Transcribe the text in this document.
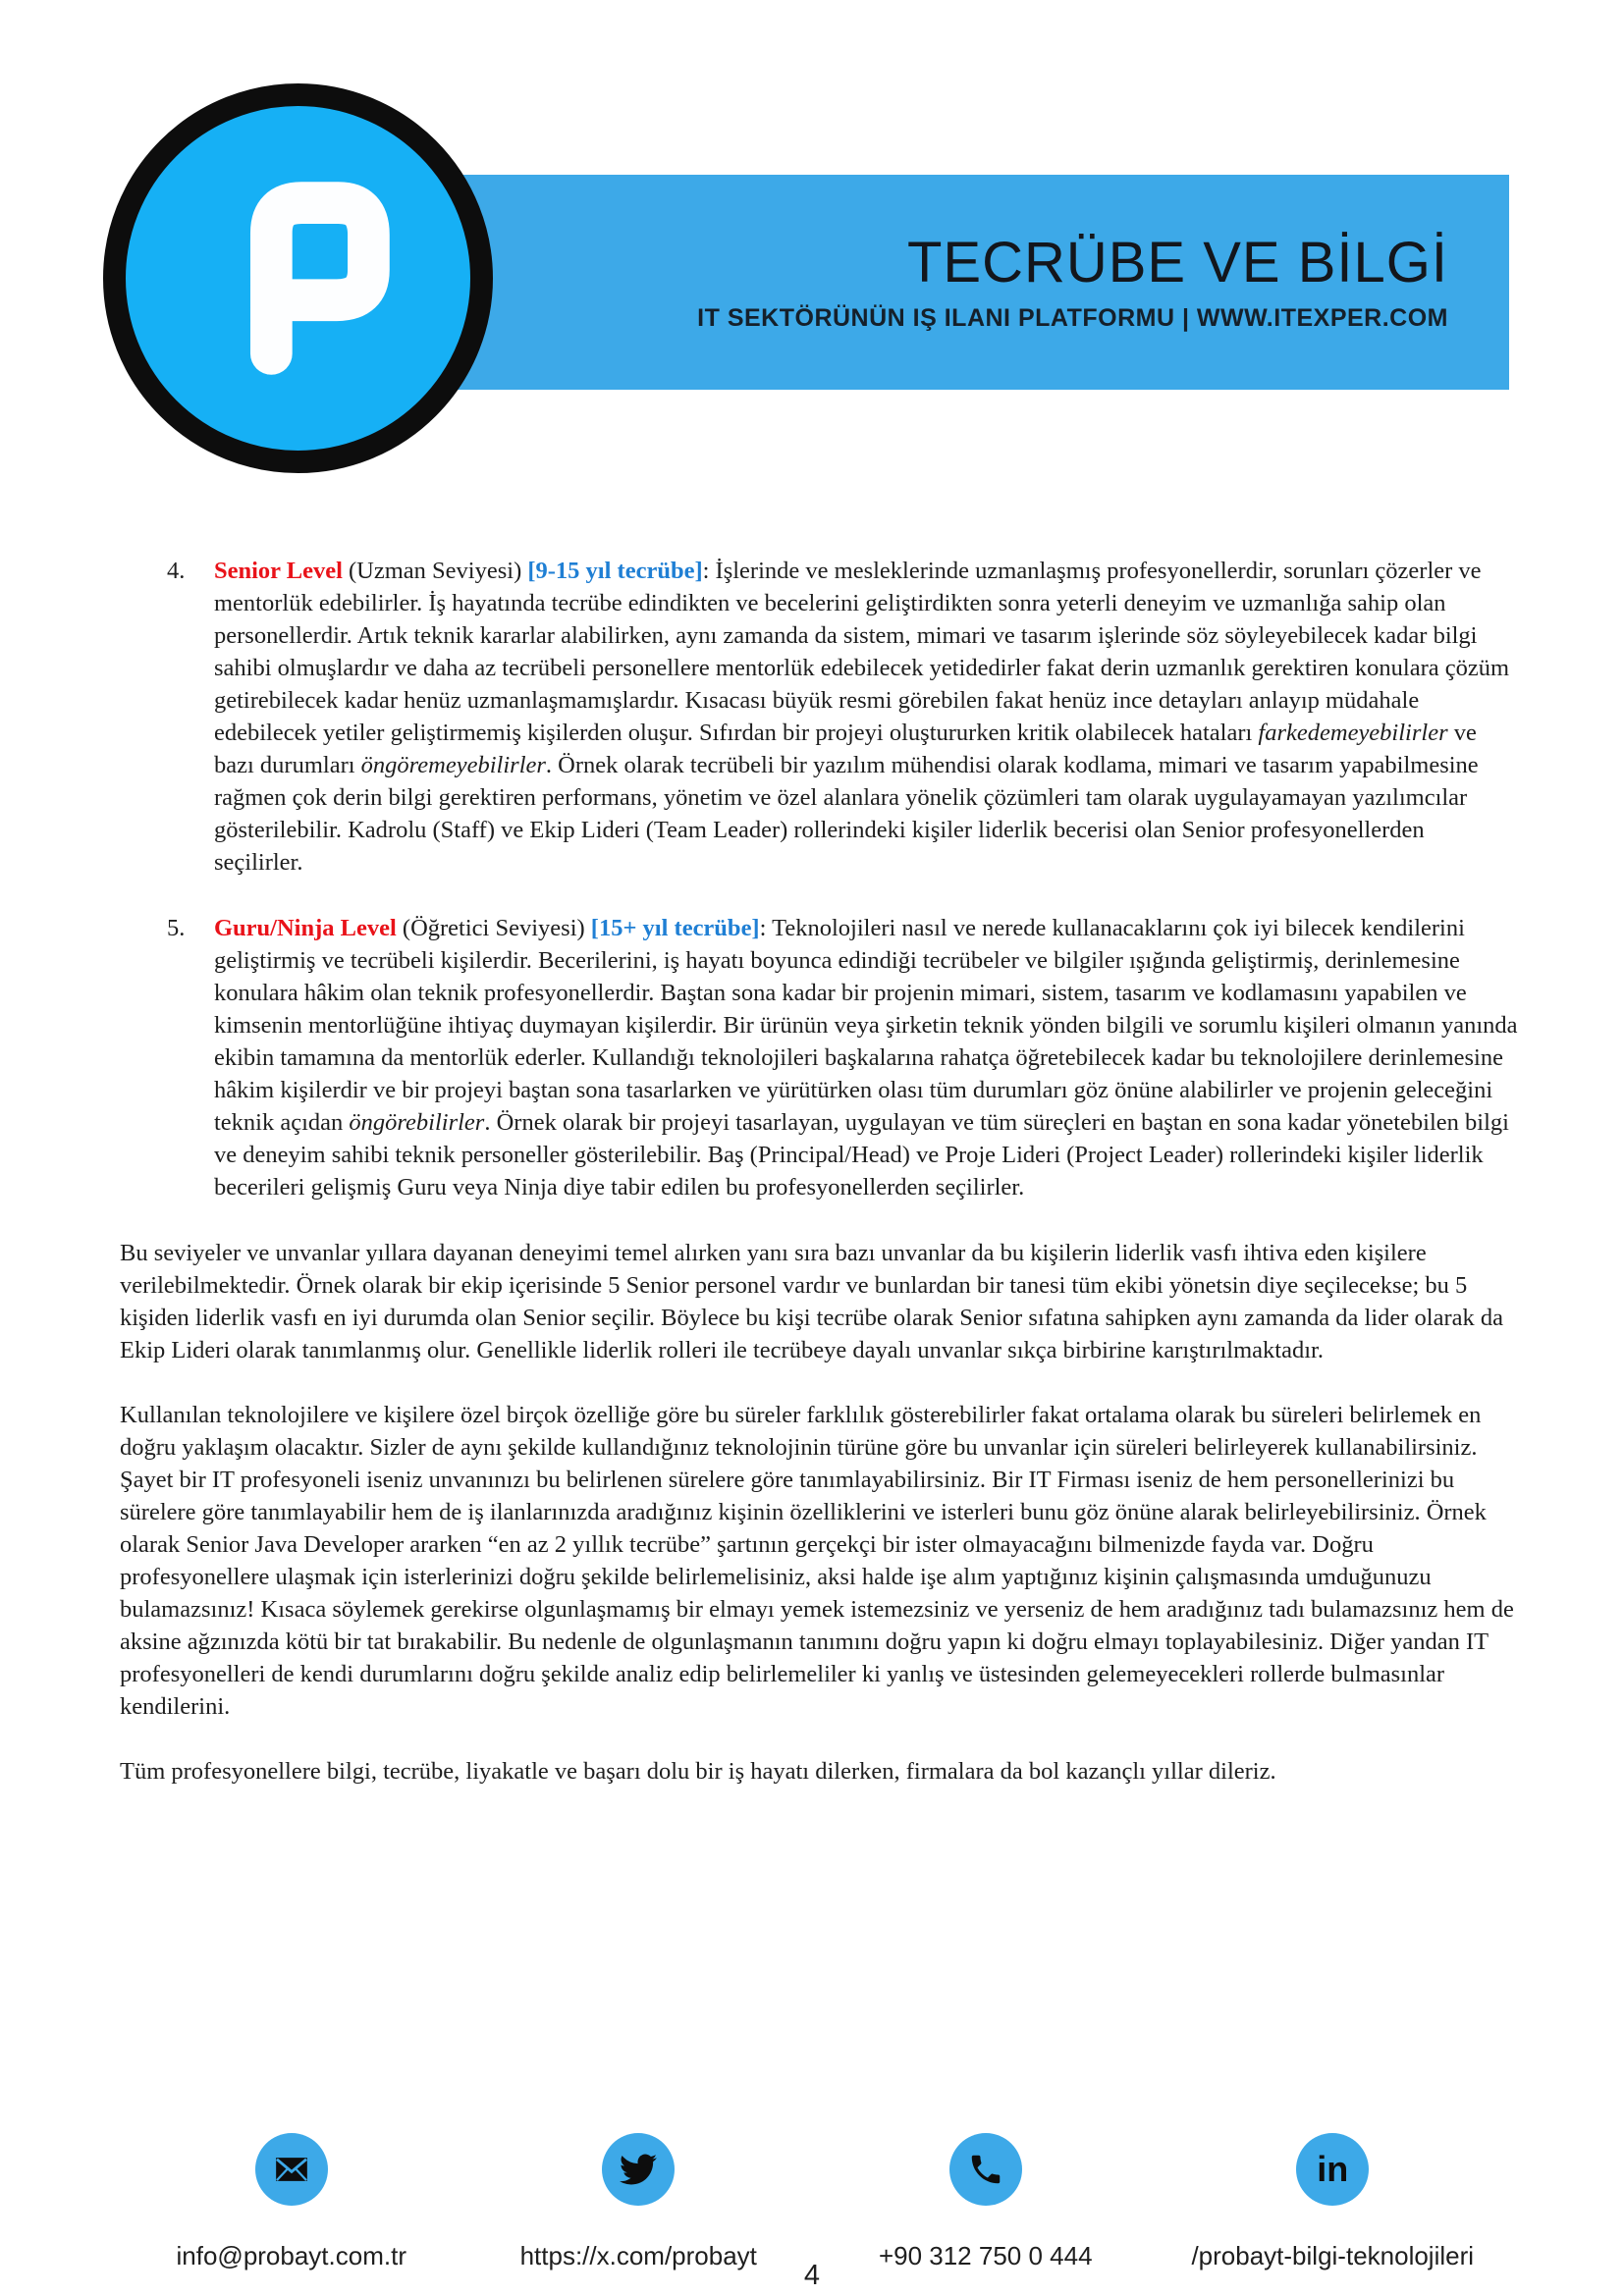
TECRÜBE VE BİLGİ
IT SEKTÖRÜNÜN IŞ ILANI PLATFORMU | WWW.ITEXPER.COM
4.	Senior Level (Uzman Seviyesi) [9-15 yıl tecrübe]: İşlerinde ve mesleklerinde uzmanlaşmış profesyonellerdir, sorunları çözerler ve mentorlük edebilirler. İş hayatında tecrübe edindikten ve becelerini geliştirdikten sonra yeterli deneyim ve uzmanlığa sahip olan personellerdir. Artık teknik kararlar alabilirken, aynı zamanda da sistem, mimari ve tasarım işlerinde söz söyleyebilecek kadar bilgi sahibi olmuşlardır ve daha az tecrübeli personellere mentorlük edebilecek yetidedirler fakat derin uzmanlık gerektiren konulara çözüm getirebilecek kadar henüz uzmanlaşmamışlardır. Kısacası büyük resmi görebilen fakat henüz ince detayları anlayıp müdahale edebilecek yetiler geliştirmemiş kişilerden oluşur. Sıfırdan bir projeyi oluştururken kritik olabilecek hataları farkedemeyebilirler ve bazı durumları öngöremeyebilirler. Örnek olarak tecrübeli bir yazılım mühendisi olarak kodlama, mimari ve tasarım yapabilmesine rağmen çok derin bilgi gerektiren performans, yönetim ve özel alanlara yönelik çözümleri tam olarak uygulayamayan yazılımcılar gösterilebilir. Kadrolu (Staff) ve Ekip Lideri (Team Leader) rollerindeki kişiler liderlik becerisi olan Senior profesyonellerden seçilirler.
5.	Guru/Ninja Level (Öğretici Seviyesi) [15+ yıl tecrübe]: Teknolojileri nasıl ve nerede kullanacaklarını çok iyi bilecek kendilerini geliştirmiş ve tecrübeli kişilerdir. Becerilerini, iş hayatı boyunca edindiği tecrübeler ve bilgiler ışığında geliştirmiş, derinlemesine konulara hâkim olan teknik profesyonellerdir. Baştan sona kadar bir projenin mimari, sistem, tasarım ve kodlamasını yapabilen ve kimsenin mentorlüğüne ihtiyaç duymayan kişilerdir. Bir ürünün veya şirketin teknik yönden bilgili ve sorumlu kişileri olmanın yanında ekibin tamamına da mentorlük ederler. Kullandığı teknolojileri başkalarına rahatça öğretebilecek kadar bu teknolojilere derinlemesine hâkim kişilerdir ve bir projeyi baştan sona tasarlarken ve yürütürken olası tüm durumları göz önüne alabilirler ve projenin geleceğini teknik açıdan öngörebilirler. Örnek olarak bir projeyi tasarlayan, uygulayan ve tüm süreçleri en baştan en sona kadar yönetebilen bilgi ve deneyim sahibi teknik personeller gösterilebilir. Baş (Principal/Head) ve Proje Lideri (Project Leader) rollerindeki kişiler liderlik becerileri gelişmiş Guru veya Ninja diye tabir edilen bu profesyonellerden seçilirler.

Bu seviyeler ve unvanlar yıllara dayanan deneyimi temel alırken yanı sıra bazı unvanlar da bu kişilerin liderlik vasfı ihtiva eden kişilere verilebilmektedir. Örnek olarak bir ekip içerisinde 5 Senior personel vardır ve bunlardan bir tanesi tüm ekibi yönetsin diye seçilecekse; bu 5 kişiden liderlik vasfı en iyi durumda olan Senior seçilir. Böylece bu kişi tecrübe olarak Senior sıfatına sahipken aynı zamanda da lider olarak da Ekip Lideri olarak tanımlanmış olur. Genellikle liderlik rolleri ile tecrübeye dayalı unvanlar sıkça birbirine karıştırılmaktadır.

Kullanılan teknolojilere ve kişilere özel birçok özelliğe göre bu süreler farklılık gösterebilirler fakat ortalama olarak bu süreleri belirlemek en doğru yaklaşım olacaktır. Sizler de aynı şekilde kullandığınız teknolojinin türüne göre bu unvanlar için süreleri belirleyerek kullanabilirsiniz. Şayet bir IT profesyoneli iseniz unvanınızı bu belirlenen sürelere göre tanımlayabilirsiniz. Bir IT Firması iseniz de hem personellerinizi bu sürelere göre tanımlayabilir hem de iş ilanlarınızda aradığınız kişinin özelliklerini ve isterleri bunu göz önüne alarak belirleyebilirsiniz. Örnek olarak Senior Java Developer ararken “en az 2 yıllık tecrübe” şartının gerçekçi bir ister olmayacağını bilmenizde fayda var. Doğru profesyonellere ulaşmak için isterlerinizi doğru şekilde belirlemelisiniz, aksi halde işe alım yaptığınız kişinin çalışmasında umduğunuzu bulamazsınız! Kısaca söylemek gerekirse olgunlaşmamış bir elmayı yemek istemezsiniz ve yerseniz de hem aradığınız tadı bulamazsınız hem de aksine ağzınızda kötü bir tat bırakabilir. Bu nedenle de olgunlaşmanın tanımını doğru yapın ki doğru elmayı toplayabilesiniz. Diğer yandan IT profesyonelleri de kendi durumlarını doğru şekilde analiz edip belirlemeliler ki yanlış ve üstesinden gelemeyecekleri rollerde bulmasınlar kendilerini.

Tüm profesyonellere bilgi, tecrübe, liyakatle ve başarı dolu bir iş hayatı dilerken, firmalara da bol kazançlı yıllar dileriz.

info@probayt.com.tr	https://x.com/probayt	+90 312 750 0 444
in
/probayt-bilgi-teknolojileri
4
